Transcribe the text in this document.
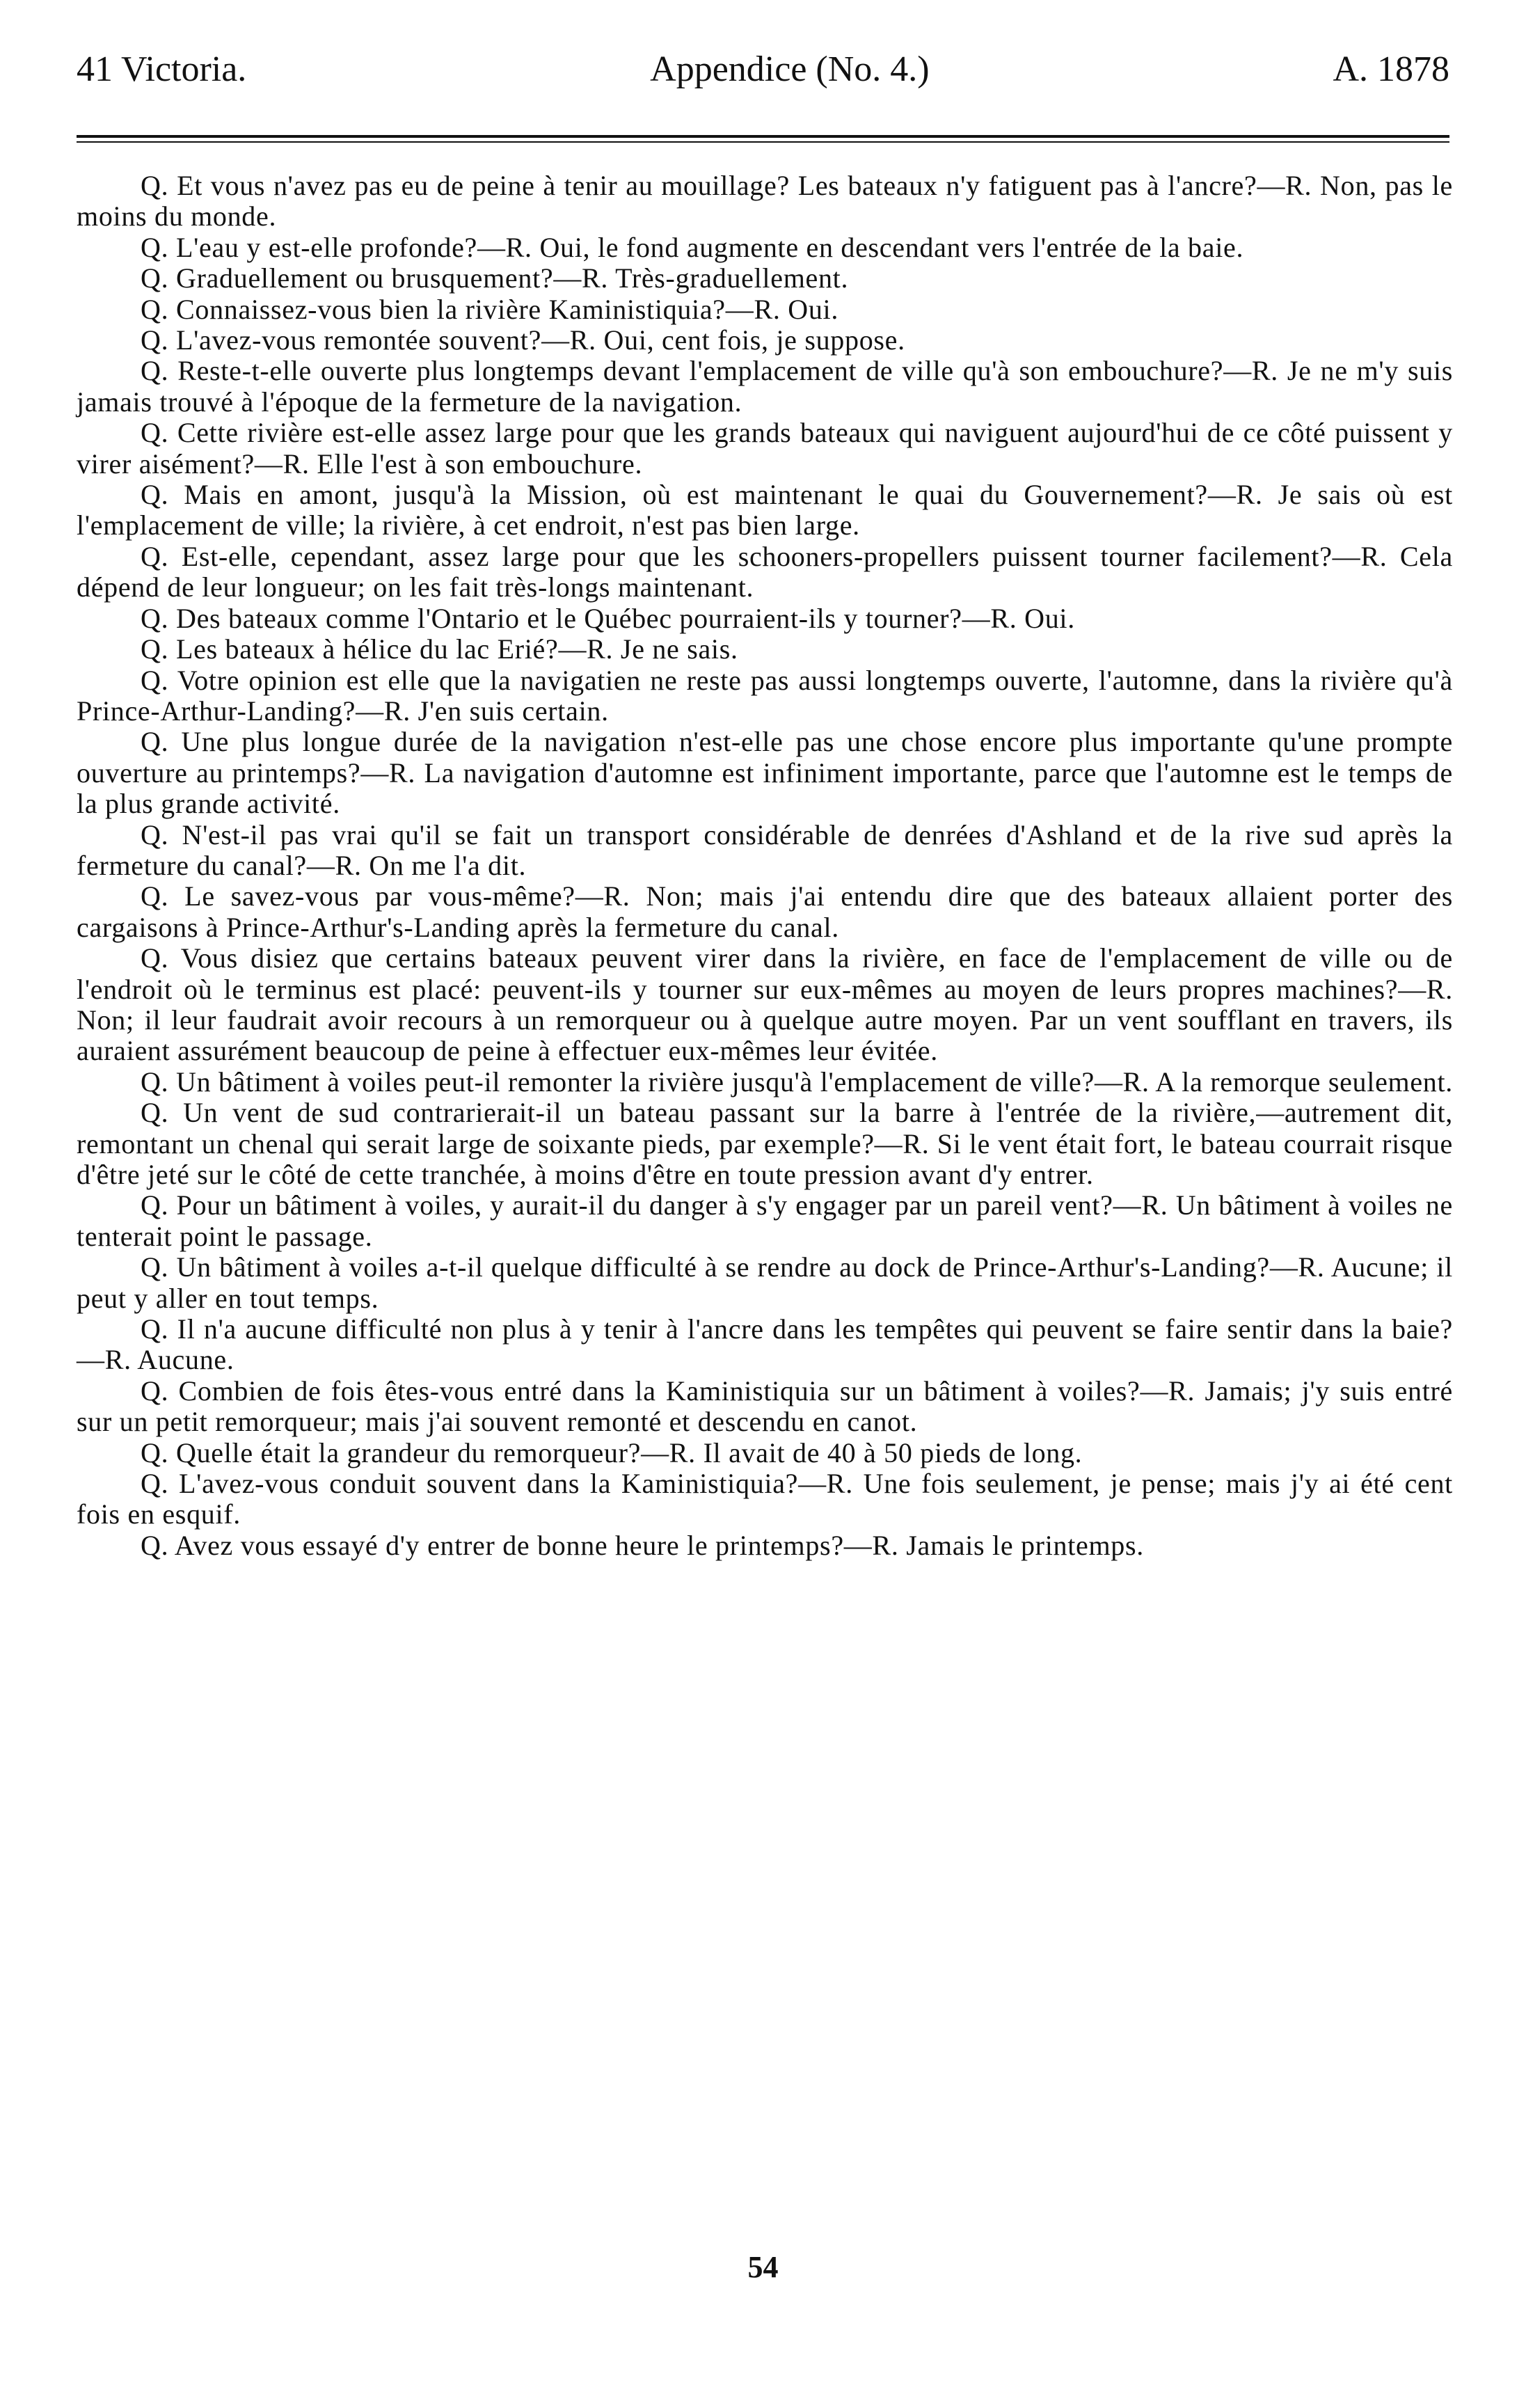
41 Victoria.	Appendice (No. 4.)	A. 1878

Q. Et vous n'avez pas eu de peine à tenir au mouillage? Les bateaux n'y fatiguent pas à l'ancre?—R. Non, pas le moins du monde.

Q. L'eau y est-elle profonde?—R. Oui, le fond augmente en descendant vers l'entrée de la baie.

Q. Graduellement ou brusquement?—R. Très-graduellement.

Q. Connaissez-vous bien la rivière Kaministiquia?—R. Oui.

Q. L'avez-vous remontée souvent?—R. Oui, cent fois, je suppose.

Q. Reste-t-elle ouverte plus longtemps devant l'emplacement de ville qu'à son embouchure?—R. Je ne m'y suis jamais trouvé à l'époque de la fermeture de la navigation.

Q. Cette rivière est-elle assez large pour que les grands bateaux qui naviguent aujourd'hui de ce côté puissent y virer aisément?—R. Elle l'est à son embouchure.

Q. Mais en amont, jusqu'à la Mission, où est maintenant le quai du Gouvernement?—R. Je sais où est l'emplacement de ville; la rivière, à cet endroit, n'est pas bien large.

Q. Est-elle, cependant, assez large pour que les schooners-propellers puissent tourner facilement?—R. Cela dépend de leur longueur; on les fait très-longs maintenant.

Q. Des bateaux comme l'Ontario et le Québec pourraient-ils y tourner?—R. Oui.

Q. Les bateaux à hélice du lac Erié?—R. Je ne sais.

Q. Votre opinion est elle que la navigatien ne reste pas aussi longtemps ouverte, l'automne, dans la rivière qu'à Prince-Arthur-Landing?—R. J'en suis certain.

Q. Une plus longue durée de la navigation n'est-elle pas une chose encore plus importante qu'une prompte ouverture au printemps?—R. La navigation d'automne est infiniment importante, parce que l'automne est le temps de la plus grande activité.

Q. N'est-il pas vrai qu'il se fait un transport considérable de denrées d'Ashland et de la rive sud après la fermeture du canal?—R. On me l'a dit.

Q. Le savez-vous par vous-même?—R. Non; mais j'ai entendu dire que des bateaux allaient porter des cargaisons à Prince-Arthur's-Landing après la fermeture du canal.

Q. Vous disiez que certains bateaux peuvent virer dans la rivière, en face de l'emplacement de ville ou de l'endroit où le terminus est placé: peuvent-ils y tourner sur eux-mêmes au moyen de leurs propres machines?—R. Non; il leur faudrait avoir recours à un remorqueur ou à quelque autre moyen. Par un vent soufflant en travers, ils auraient assurément beaucoup de peine à effectuer eux-mêmes leur évitée.

Q. Un bâtiment à voiles peut-il remonter la rivière jusqu'à l'emplacement de ville?—R. A la remorque seulement.

Q. Un vent de sud contrarierait-il un bateau passant sur la barre à l'entrée de la rivière,—autrement dit, remontant un chenal qui serait large de soixante pieds, par exemple?—R. Si le vent était fort, le bateau courrait risque d'être jeté sur le côté de cette tranchée, à moins d'être en toute pression avant d'y entrer.

Q. Pour un bâtiment à voiles, y aurait-il du danger à s'y engager par un pareil vent?—R. Un bâtiment à voiles ne tenterait point le passage.

Q. Un bâtiment à voiles a-t-il quelque difficulté à se rendre au dock de Prince-Arthur's-Landing?—R. Aucune; il peut y aller en tout temps.

Q. Il n'a aucune difficulté non plus à y tenir à l'ancre dans les tempêtes qui peuvent se faire sentir dans la baie?—R. Aucune.

Q. Combien de fois êtes-vous entré dans la Kaministiquia sur un bâtiment à voiles?—R. Jamais; j'y suis entré sur un petit remorqueur; mais j'ai souvent remonté et descendu en canot.

Q. Quelle était la grandeur du remorqueur?—R. Il avait de 40 à 50 pieds de long.

Q. L'avez-vous conduit souvent dans la Kaministiquia?—R. Une fois seulement, je pense; mais j'y ai été cent fois en esquif.

Q. Avez vous essayé d'y entrer de bonne heure le printemps?—R. Jamais le printemps.

54
